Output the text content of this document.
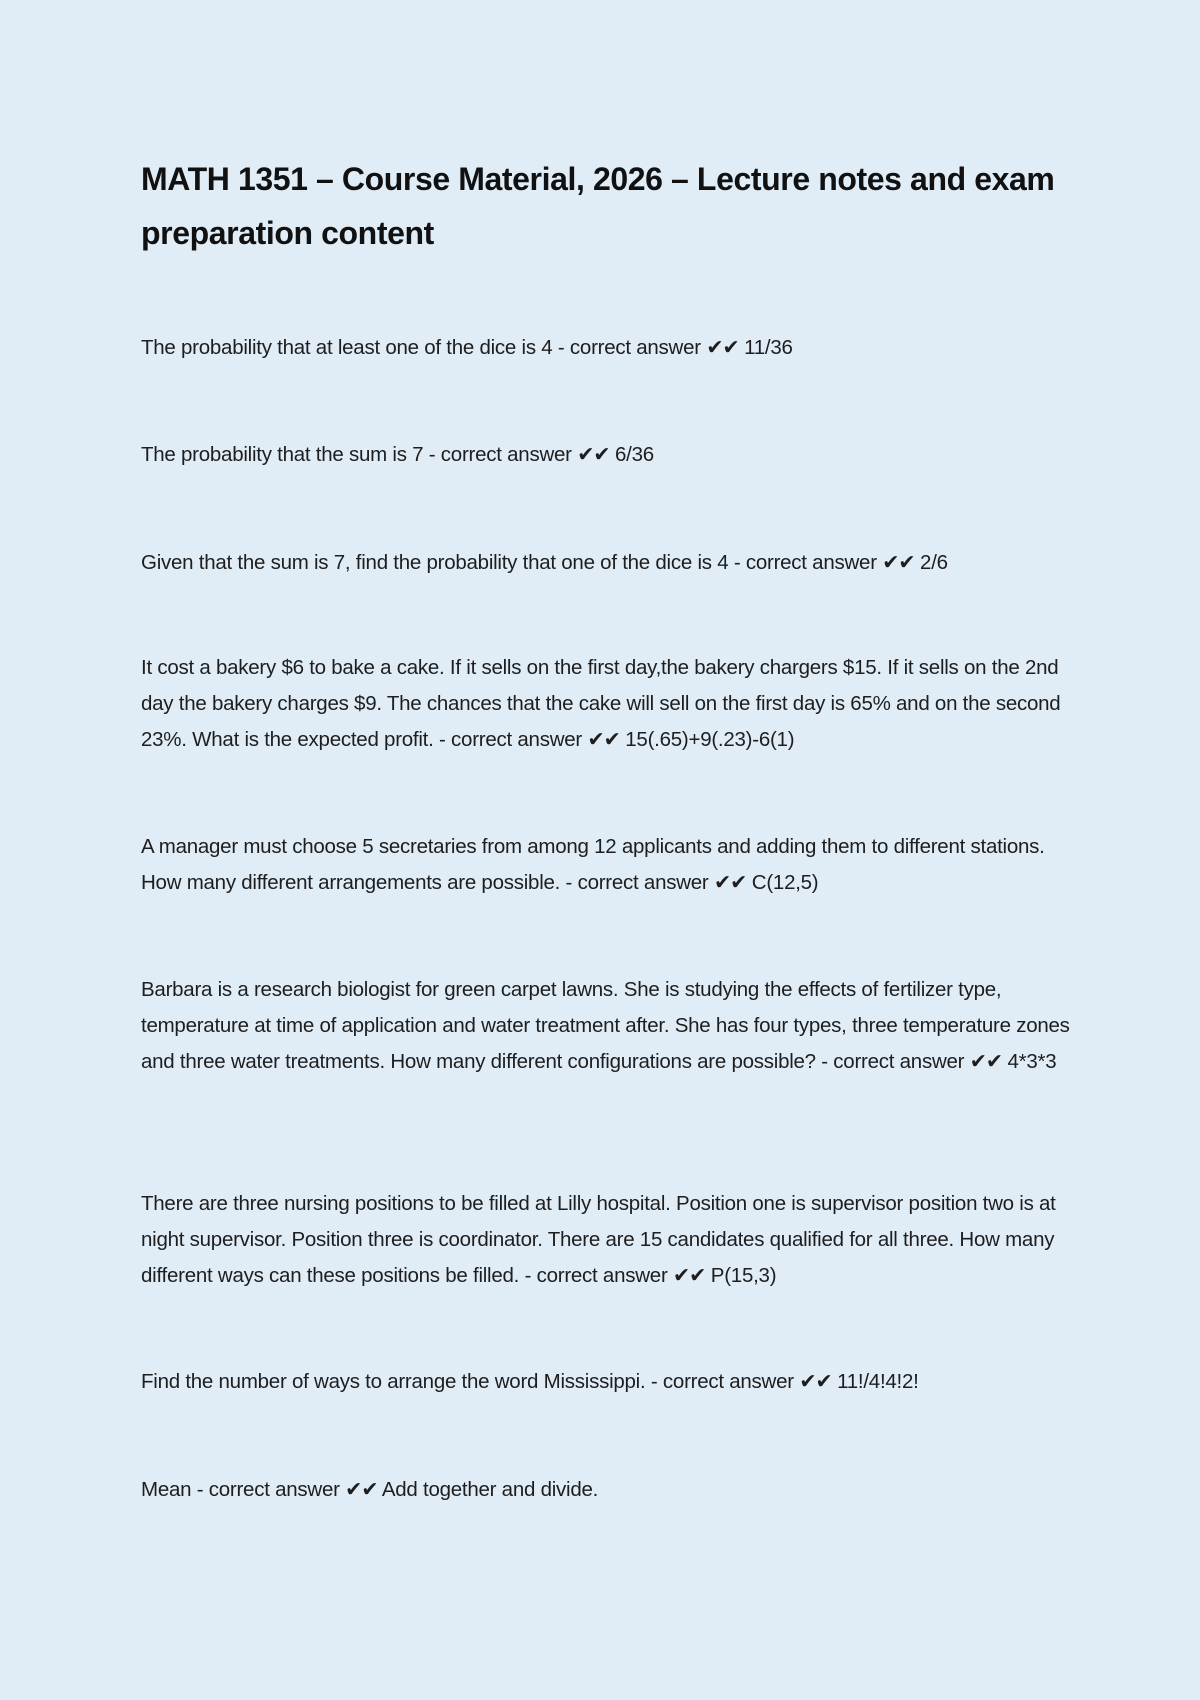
MATH 1351 – Course Material, 2026 – Lecture notes and exam preparation content

The probability that at least one of the dice is 4 - correct answer ✔✔ 11/36

The probability that the sum is 7 - correct answer ✔✔ 6/36

Given that the sum is 7, find the probability that one of the dice is 4 - correct answer ✔✔ 2/6

It cost a bakery $6 to bake a cake. If it sells on the first day,the bakery chargers $15. If it sells on the 2nd day the bakery charges $9. The chances that the cake will sell on the first day is 65% and on the second 23%. What is the expected profit. - correct answer ✔✔ 15(.65)+9(.23)-6(1)

A manager must choose 5 secretaries from among 12 applicants and adding them to different stations. How many different arrangements are possible. - correct answer ✔✔ C(12,5)

Barbara is a research biologist for green carpet lawns. She is studying the effects of fertilizer type, temperature at time of application and water treatment after. She has four types, three temperature zones and three water treatments. How many different configurations are possible? - correct answer ✔✔ 4*3*3

There are three nursing positions to be filled at Lilly hospital. Position one is supervisor position two is at night supervisor. Position three is coordinator. There are 15 candidates qualified for all three. How many different ways can these positions be filled. - correct answer ✔✔ P(15,3)

Find the number of ways to arrange the word Mississippi. - correct answer ✔✔ 11!/4!4!2!

Mean - correct answer ✔✔ Add together and divide.
